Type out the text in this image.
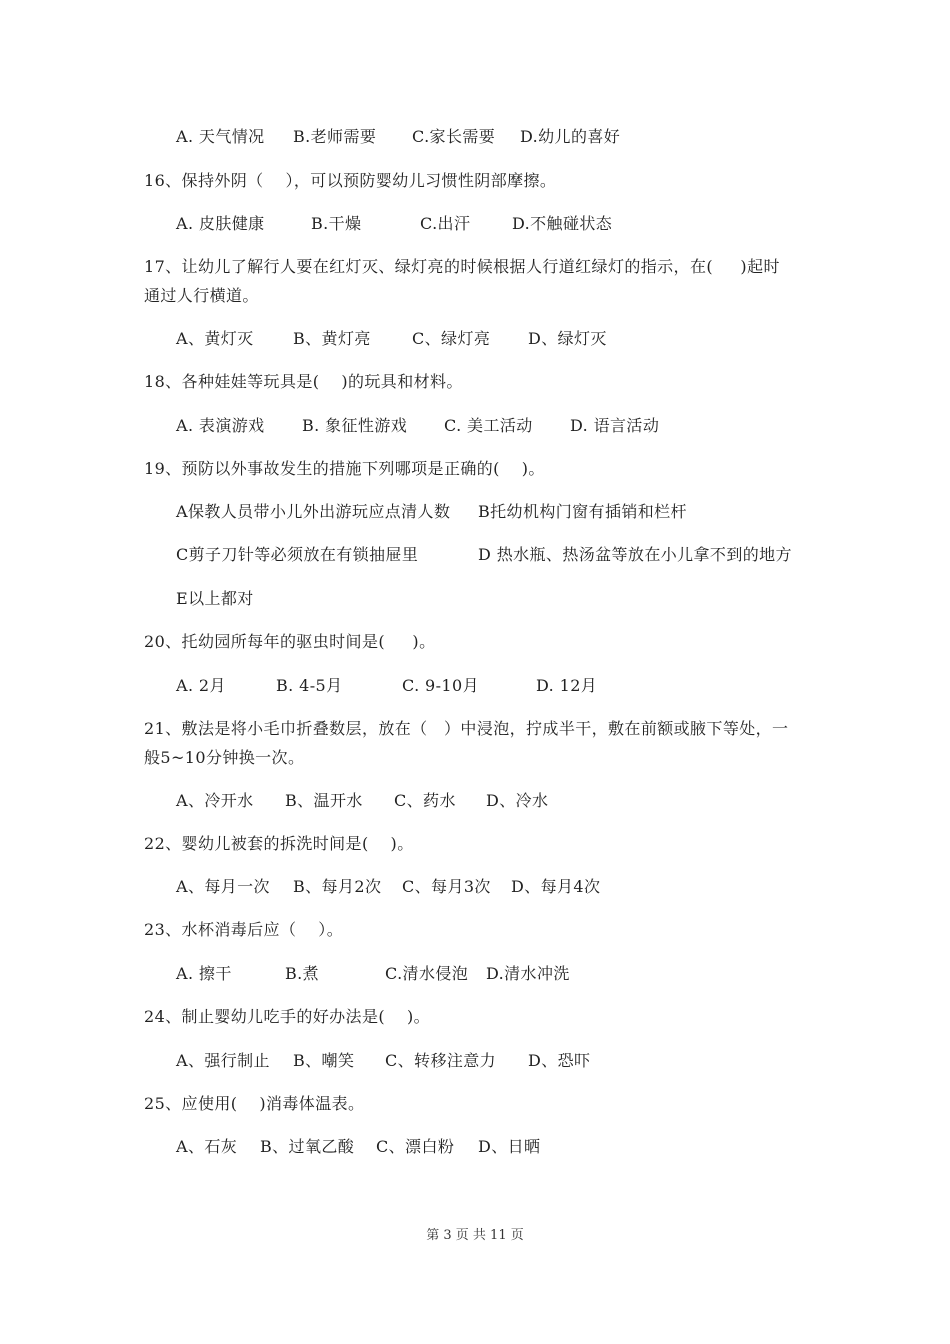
A. 天气情况 B.老师需要 C.家长需要 D.幼儿的喜好
16、保持外阴（    ），可以预防婴幼儿习惯性阴部摩擦。
A. 皮肤健康	B.干燥	C.出汗	D.不触碰状态
17、让幼儿了解行人要在红灯灭、绿灯亮的时候根据人行道红绿灯的指示，在(     )起时
通过人行横道。
A、黄灯灭 B、黄灯亮	C、绿灯亮 D、绿灯灭
18、各种娃娃等玩具是(    )的玩具和材料。
A. 表演游戏 B. 象征性游戏 C. 美工活动 D. 语言活动
19、预防以外事故发生的措施下列哪项是正确的(    )。
A保教人员带小儿外出游玩应点清人数 B托幼机构门窗有插销和栏杆
C剪子刀针等必须放在有锁抽屉里	D 热水瓶、热汤盆等放在小儿拿不到的地方
E以上都对
20、托幼园所每年的驱虫时间是(     )。
A. 2月	B. 4-5月	C. 9-10月	D. 12月
21、敷法是将小毛巾折叠数层，放在（   ）中浸泡，拧成半干，敷在前额或腋下等处，一
般5~10分钟换一次。
A、冷开水 B、温开水 C、药水 D、冷水
22、婴幼儿被套的拆洗时间是(    )。
A、每月一次 B、每月2次 C、每月3次 D、每月4次
23、水杯消毒后应（    ）。
A. 擦干	B.煮	C.清水侵泡 D.清水冲洗
24、制止婴幼儿吃手的好办法是(    )。
A、强行制止 B、嘲笑 C、转移注意力 D、恐吓
25、应使用(    )消毒体温表。
A、石灰 B、过氧乙酸 C、漂白粉 D、日晒
第 3 页 共 11 页
